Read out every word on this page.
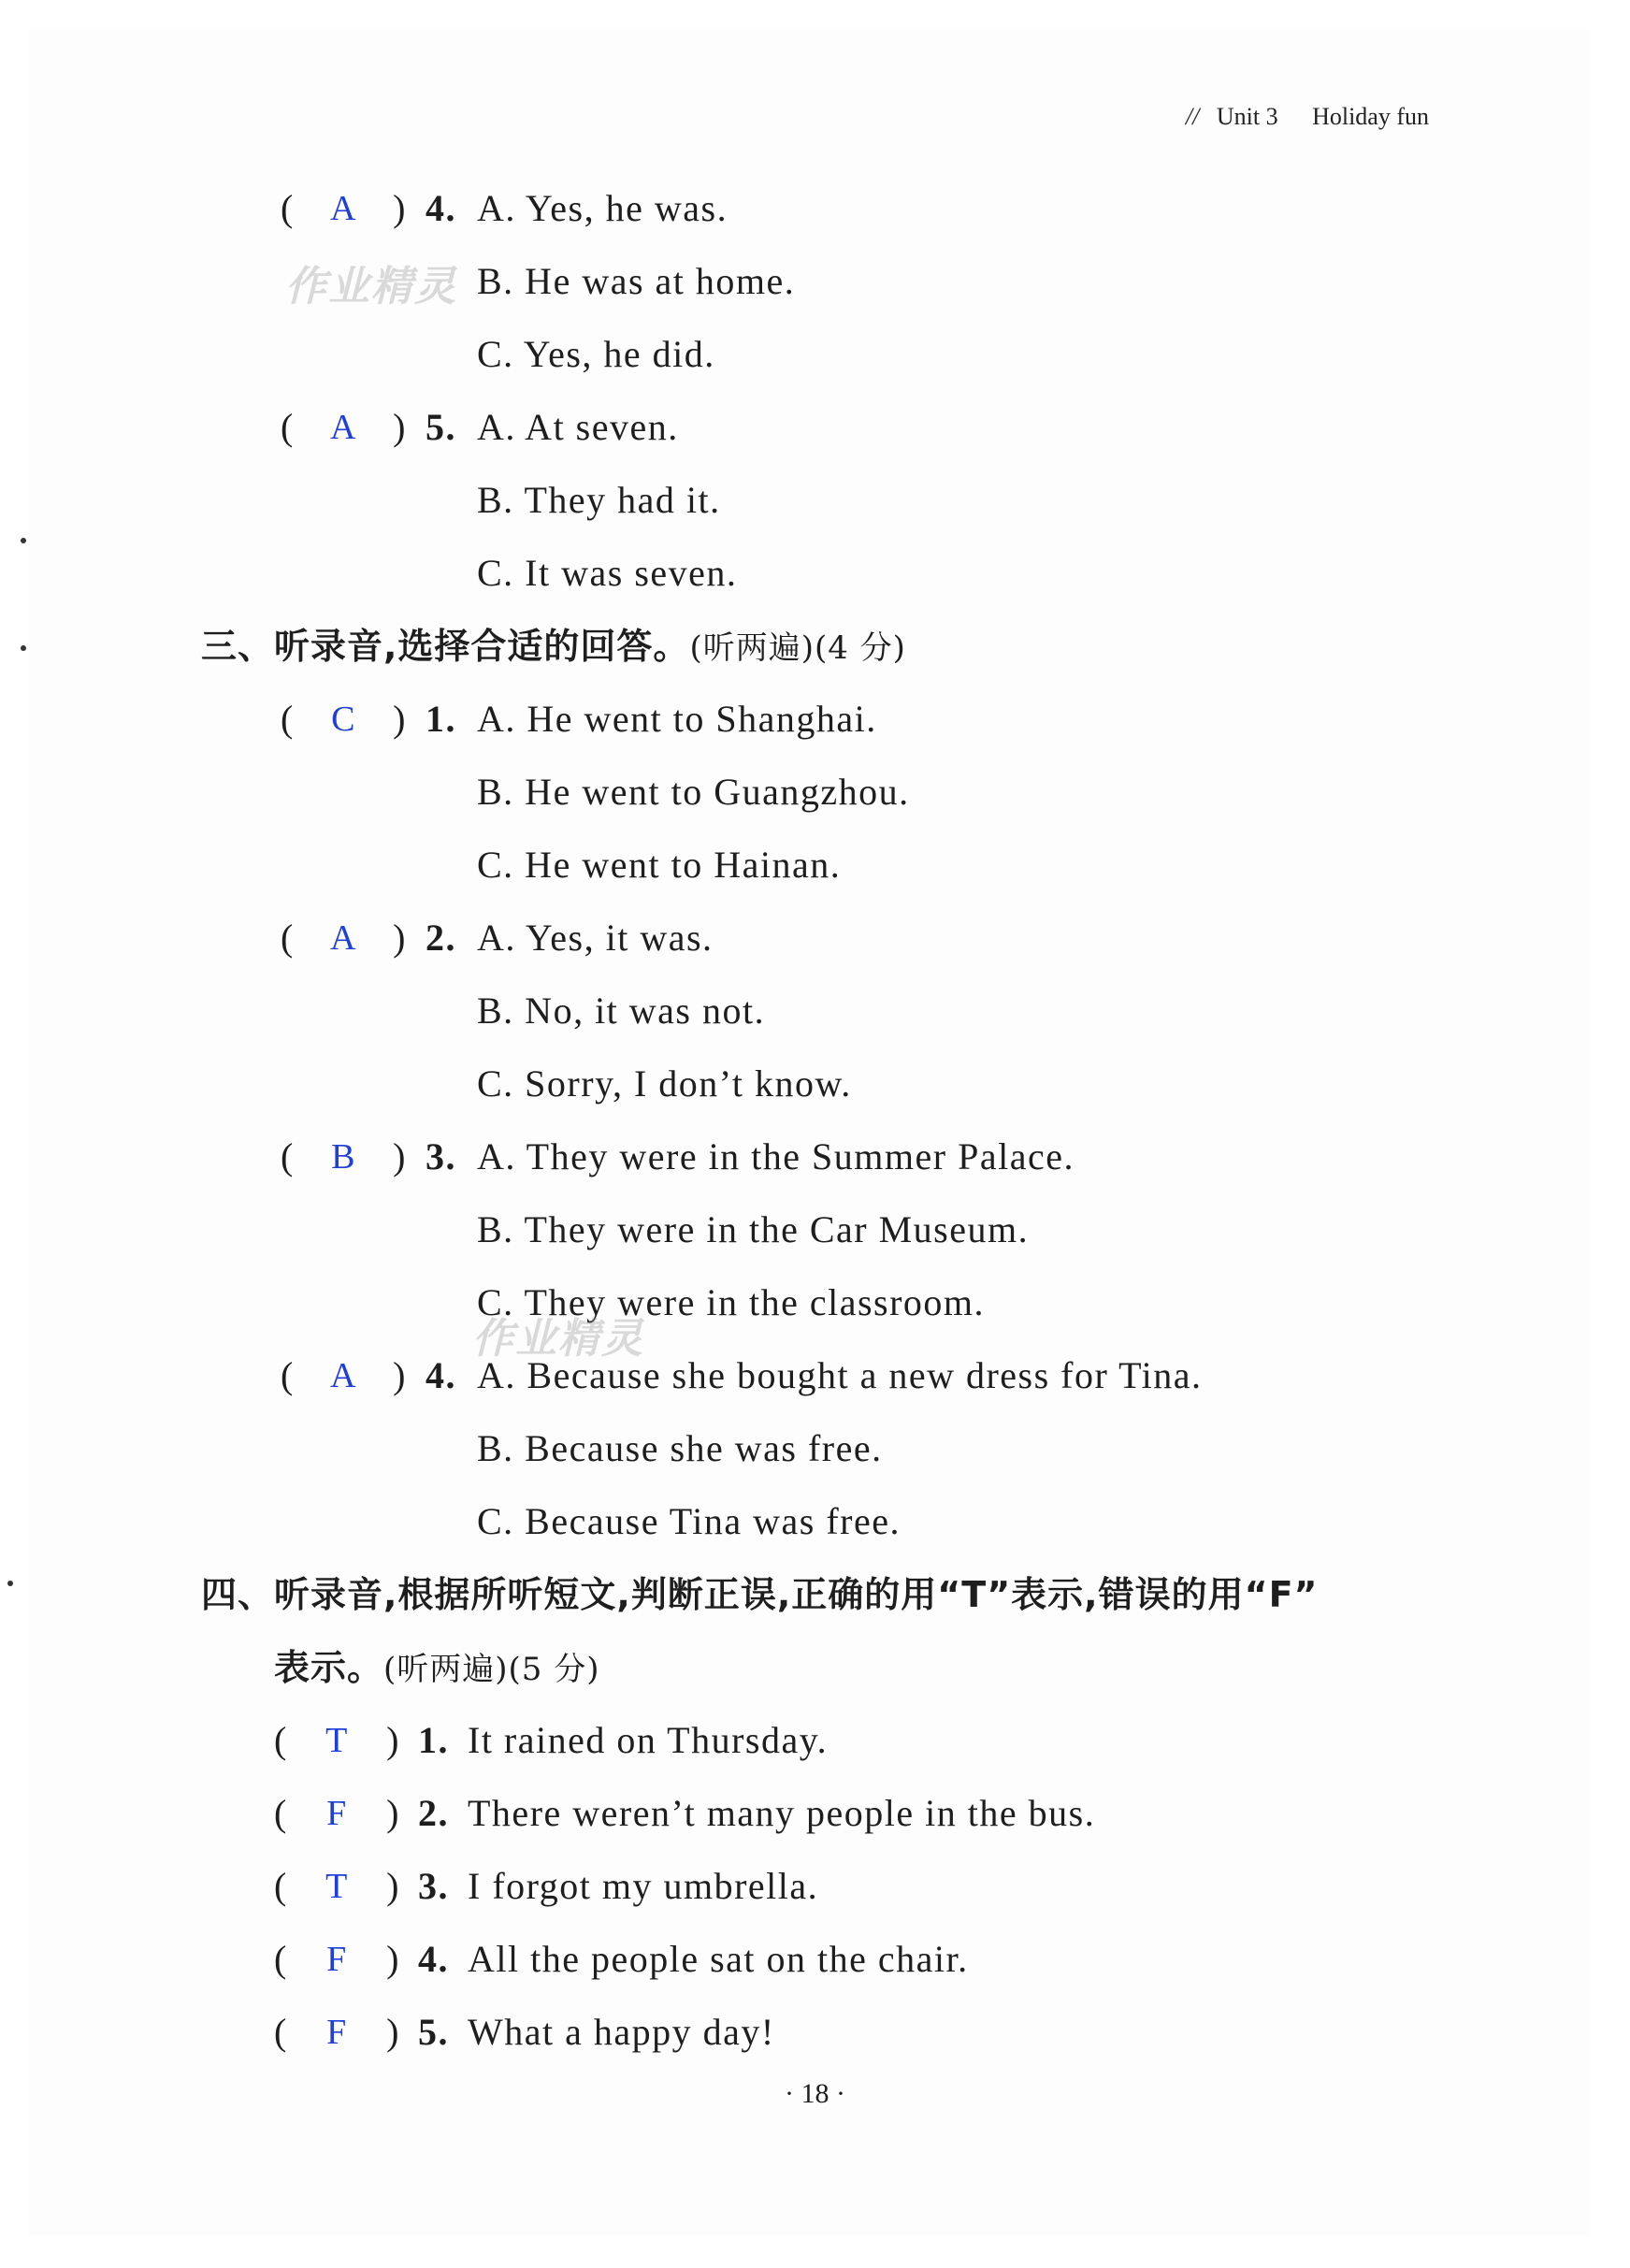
// Unit 3 Holiday fun
(	A ) 4. A. Yes, he was.
B. He was at home.
C. Yes, he did.
(	A ) 5. A. At seven.
B. They had it.
C. It was seven.
三、听录音,选择合适的回答。(听两遍)(4 分)
(	C ) 1. A. He went to Shanghai.
B. He went to Guangzhou.
C. He went to Hainan.
(	A ) 2. A. Yes, it was.
B. No, it was not.
C. Sorry, I don’t know.
(	B ) 3. A. They were in the Summer Palace.
B. They were in the Car Museum.
C. They were in the classroom.
(	A ) 4. A. Because she bought a new dress for Tina.
B. Because she was free.
C. Because Tina was free.
四、听录音,根据所听短文,判断正误,正确的用“T”表示,错误的用“F”
表示。(听两遍)(5 分)
(	T	) 1. It rained on Thursday.
(	F	) 2. There weren’t many people in the bus.
(	T	) 3. I forgot my umbrella.
(	F	) 4. All the people sat on the chair.
(	F	) 5. What a happy day!
· 18 ·
作业精灵
作业精灵
